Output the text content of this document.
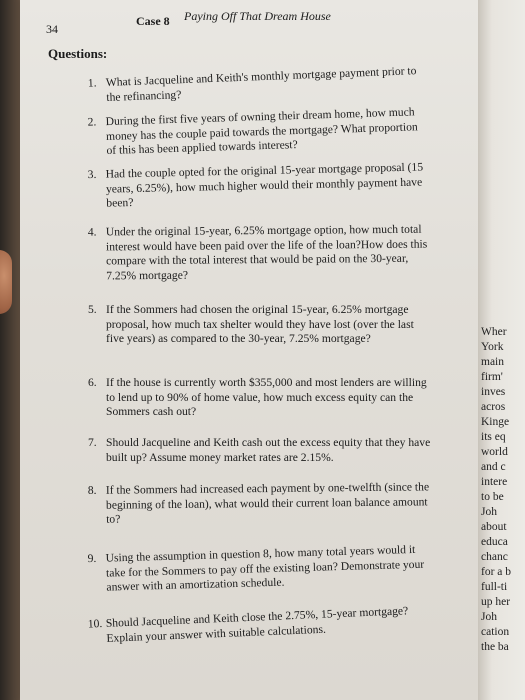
34
Case 8 Paying Off That Dream House
Questions:
1. What is Jacqueline and Keith's monthly mortgage payment prior to the refinancing?
2. During the first five years of owning their dream home, how much money has the couple paid towards the mortgage? What proportion of this has been applied towards interest?
3. Had the couple opted for the original 15-year mortgage proposal (15 years, 6.25%), how much higher would their monthly payment have been?
4. Under the original 15-year, 6.25% mortgage option, how much total interest would have been paid over the life of the loan?How does this compare with the total interest that would be paid on the 30-year, 7.25% mortgage?
5. If the Sommers had chosen the original 15-year, 6.25% mortgage proposal, how much tax shelter would they have lost (over the last five years) as compared to the 30-year, 7.25% mortgage?
6. If the house is currently worth $355,000 and most lenders are willing to lend up to 90% of home value, how much excess equity can the Sommers cash out?
7. Should Jacqueline and Keith cash out the excess equity that they have built up? Assume money market rates are 2.15%.
8. If the Sommers had increased each payment by one-twelfth (since the beginning of the loan), what would their current loan balance amount to?
9. Using the assumption in question 8, how many total years would it take for the Sommers to pay off the existing loan? Demonstrate your answer with an amortization schedule.
10. Should Jacqueline and Keith close the 2.75%, 15-year mortgage? Explain your answer with suitable calculations.
Wher
York
main
firm'
inves
acros
Kinge
its eq
world
and c
intere
to be
Joh
about
educa
chanc
for a b
full-ti
up her
Joh
cation
the ba
